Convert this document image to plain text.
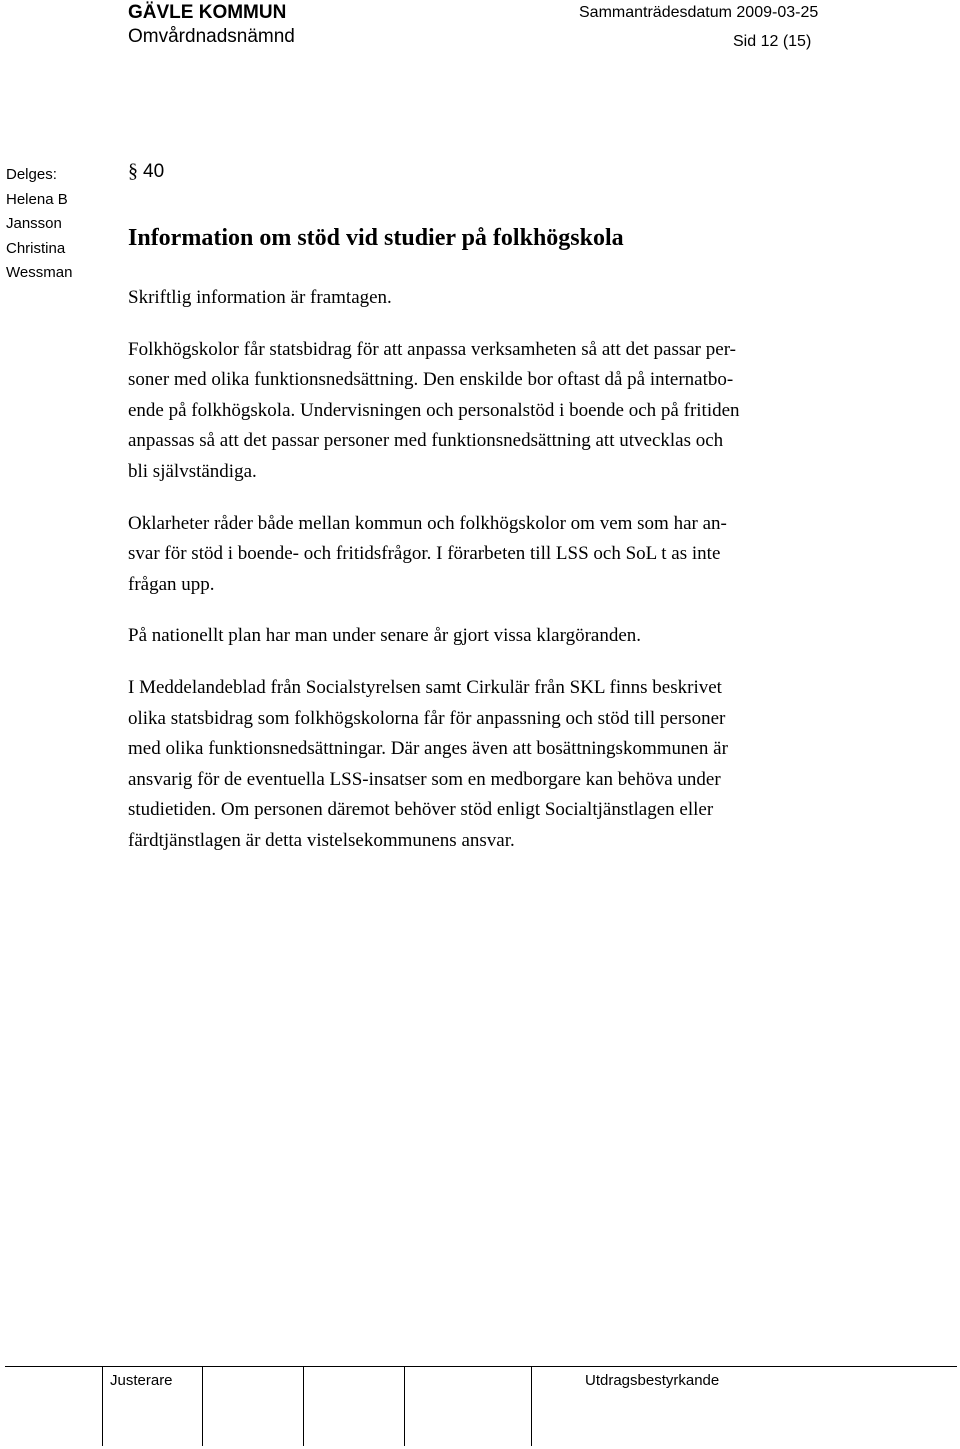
GÄVLE KOMMUN
Omvårdnadsnämnd
Sammanträdesdatum 2009-03-25
Sid 12 (15)
Delges:
Helena B
Jansson
Christina
Wessman
§ 40
Information om stöd vid studier på folkhögskola

Skriftlig information är framtagen.

Folkhögskolor får statsbidrag för att anpassa verksamheten så att det passar per-
soner med olika funktionsnedsättning. Den enskilde bor oftast då på internatbo-
ende på folkhögskola. Undervisningen och personalstöd i boende och på fritiden
anpassas så att det passar personer med funktionsnedsättning att utvecklas och
bli självständiga.

Oklarheter råder både mellan kommun och folkhögskolor om vem som har an-
svar för stöd i boende- och fritidsfrågor. I förarbeten till LSS och SoL t as inte
frågan upp.

På nationellt plan har man under senare år gjort vissa klargöranden.

I Meddelandeblad från Socialstyrelsen samt Cirkulär från SKL finns beskrivet
olika statsbidrag som folkhögskolorna får för anpassning och stöd till personer
med olika funktionsnedsättningar. Där anges även att bosättningskommunen är
ansvarig för de eventuella LSS-insatser som en medborgare kan behöva under
studietiden. Om personen däremot behöver stöd enligt Socialtjänstlagen eller
färdtjänstlagen är detta vistelsekommunens ansvar.

Justerare	Utdragsbestyrkande
